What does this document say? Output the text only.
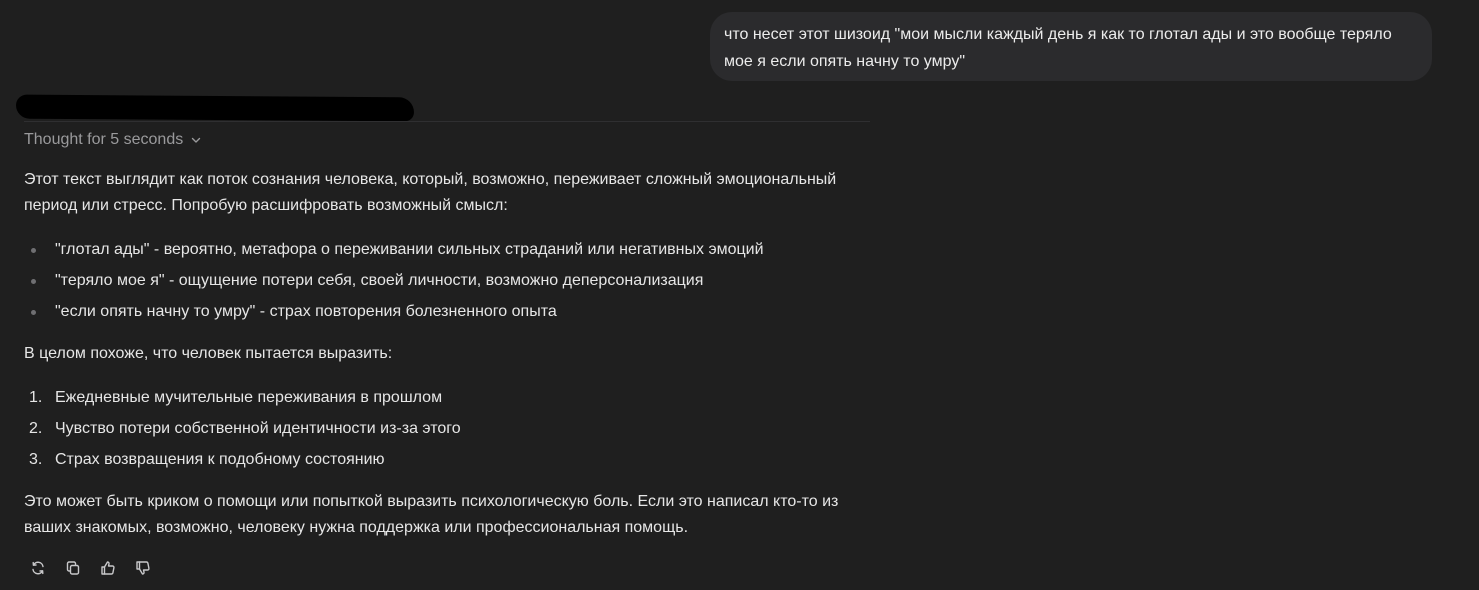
что несет этот шизоид "мои мысли каждый день я как то глотал ады и это вообще теряло мое я если опять начну то умру"
Thought for 5 seconds

Этот текст выглядит как поток сознания человека, который, возможно, переживает сложный эмоциональный период или стресс. Попробую расшифровать возможный смысл:

"глотал ады" - вероятно, метафора о переживании сильных страданий или негативных эмоций
"теряло мое я" - ощущение потери себя, своей личности, возможно деперсонализация
"если опять начну то умру" - страх повторения болезненного опыта

В целом похоже, что человек пытается выразить:

1. Ежедневные мучительные переживания в прошлом
2. Чувство потери собственной идентичности из-за этого
3. Страх возвращения к подобному состоянию

Это может быть криком о помощи или попыткой выразить психологическую боль. Если это написал кто-то из ваших знакомых, возможно, человеку нужна поддержка или профессиональная помощь.
